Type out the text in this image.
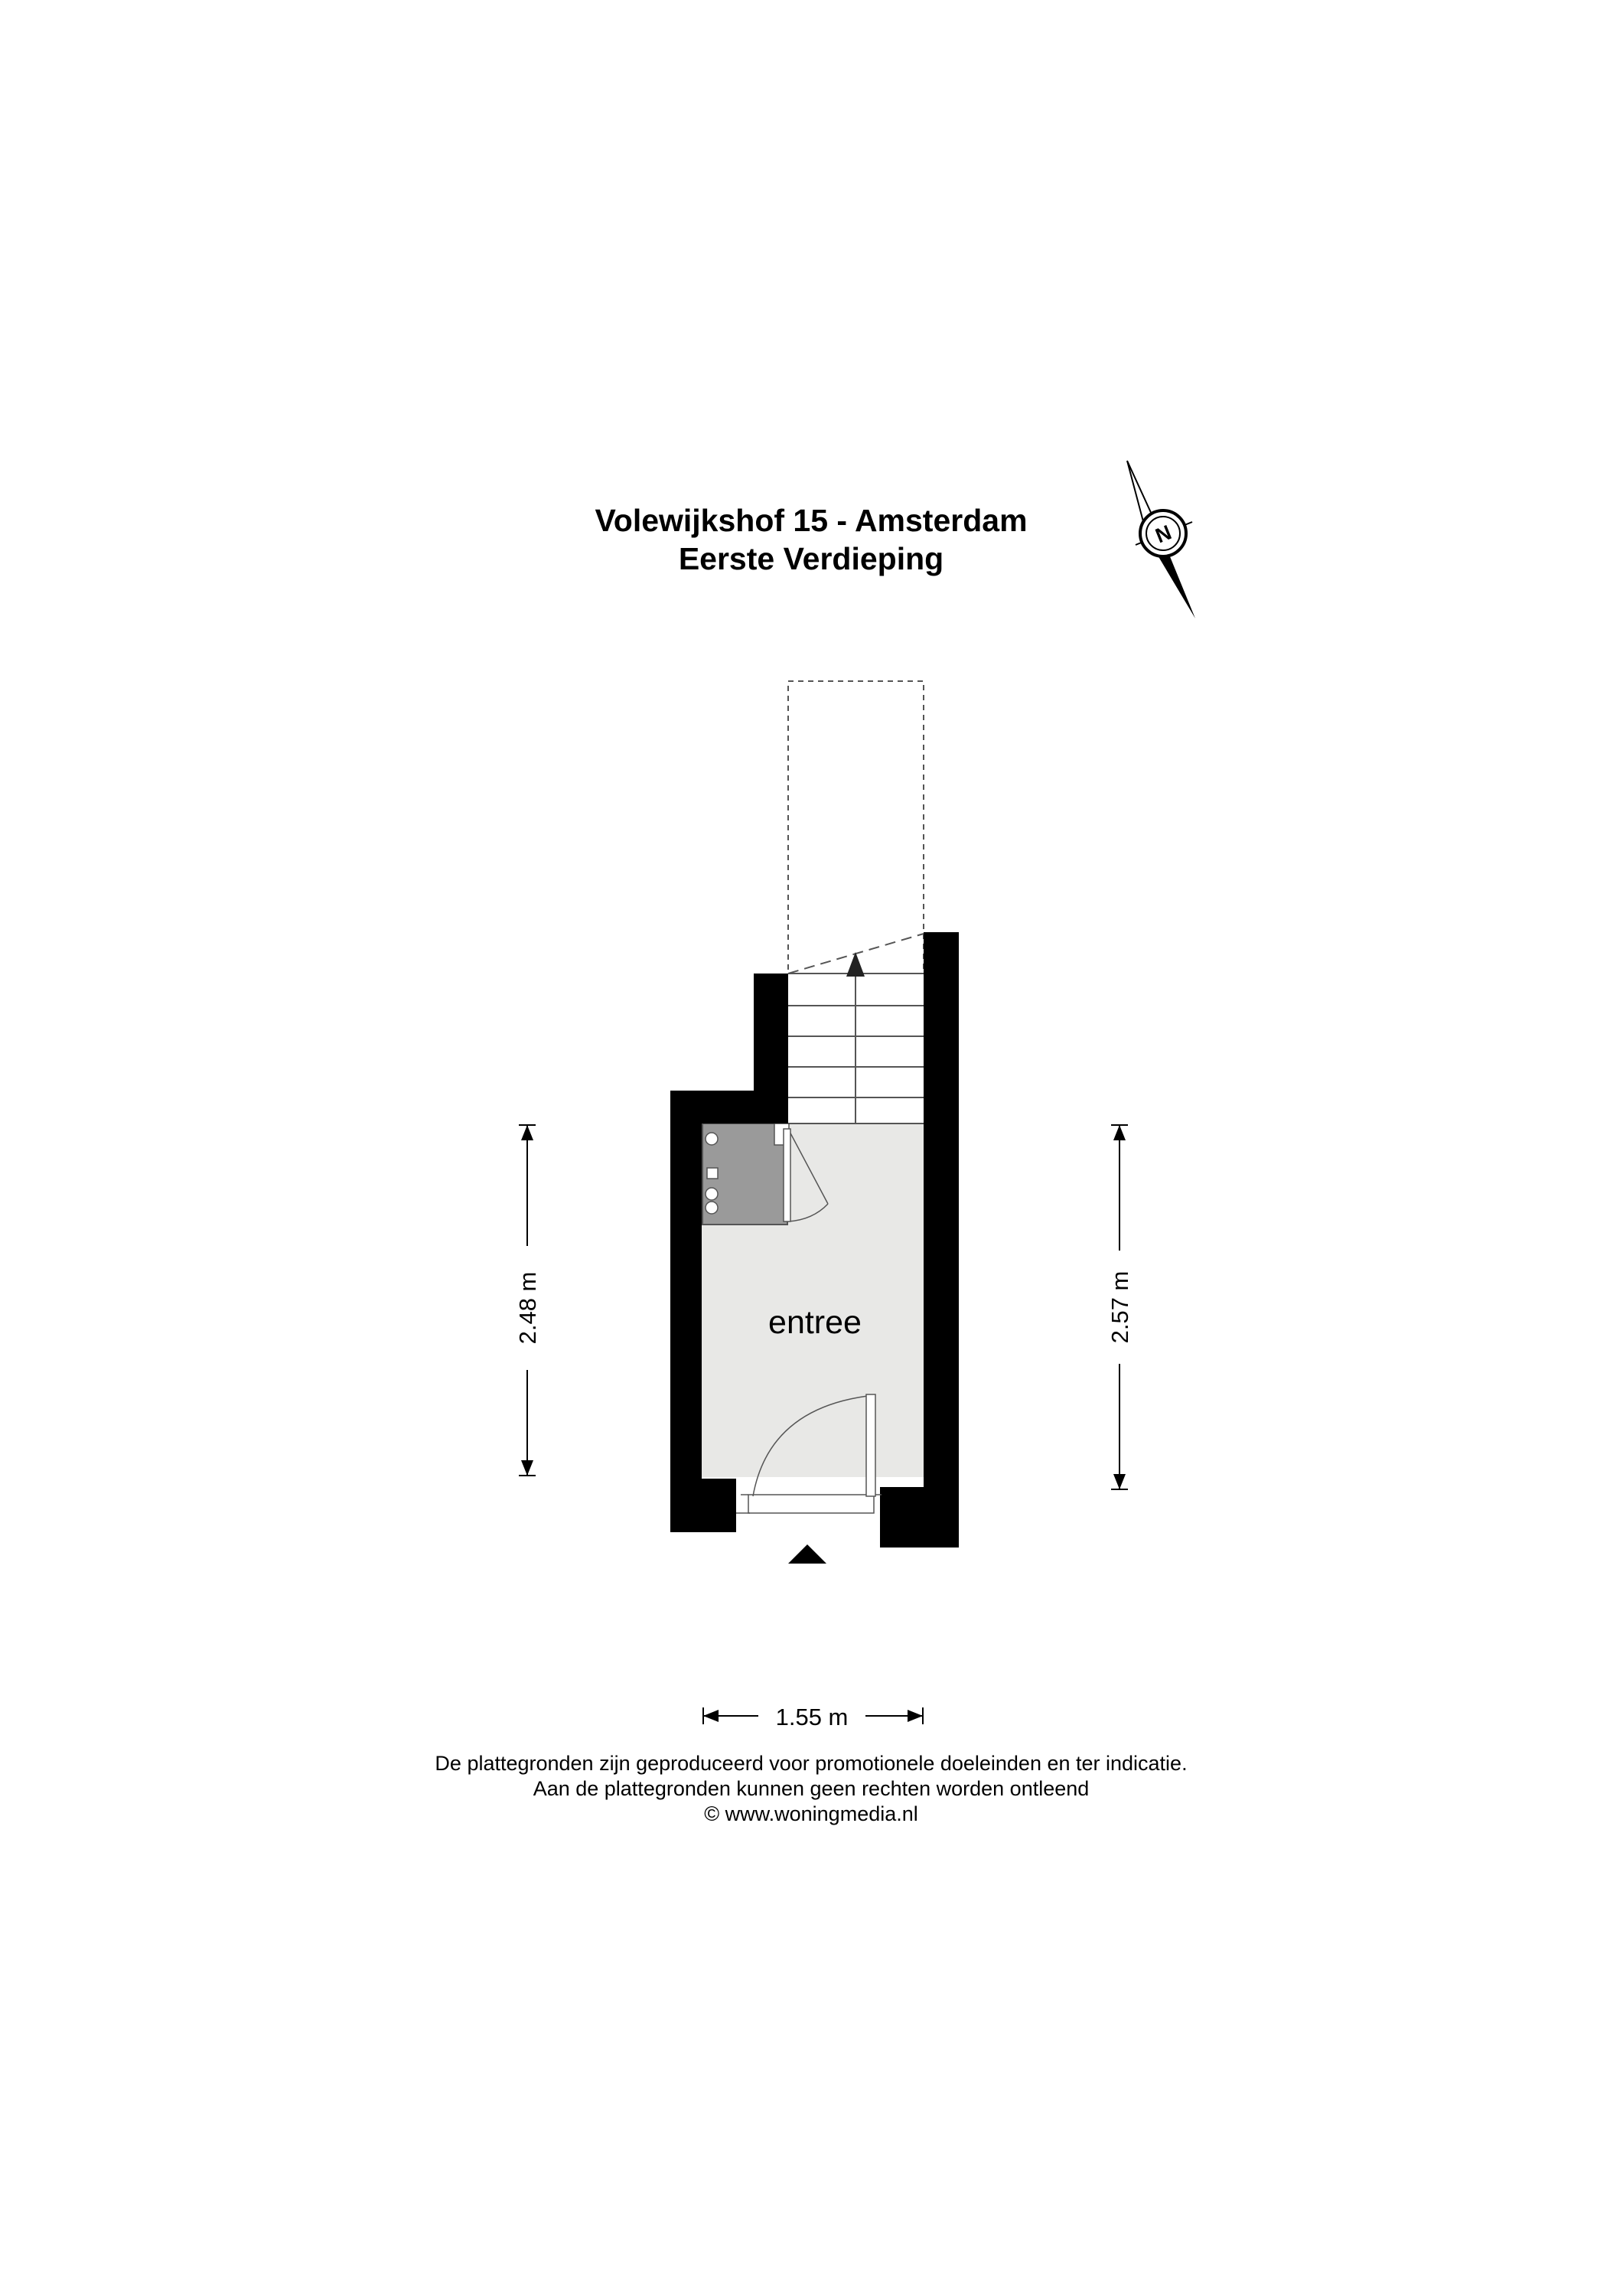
Volewijkshof 15 - Amsterdam
Eerste Verdieping
N
entree
2.48 m	2.57 m
1.55 m
De plattegronden zijn geproduceerd voor promotionele doeleinden en ter indicatie.
Aan de plattegronden kunnen geen rechten worden ontleend
© www.woningmedia.nl
